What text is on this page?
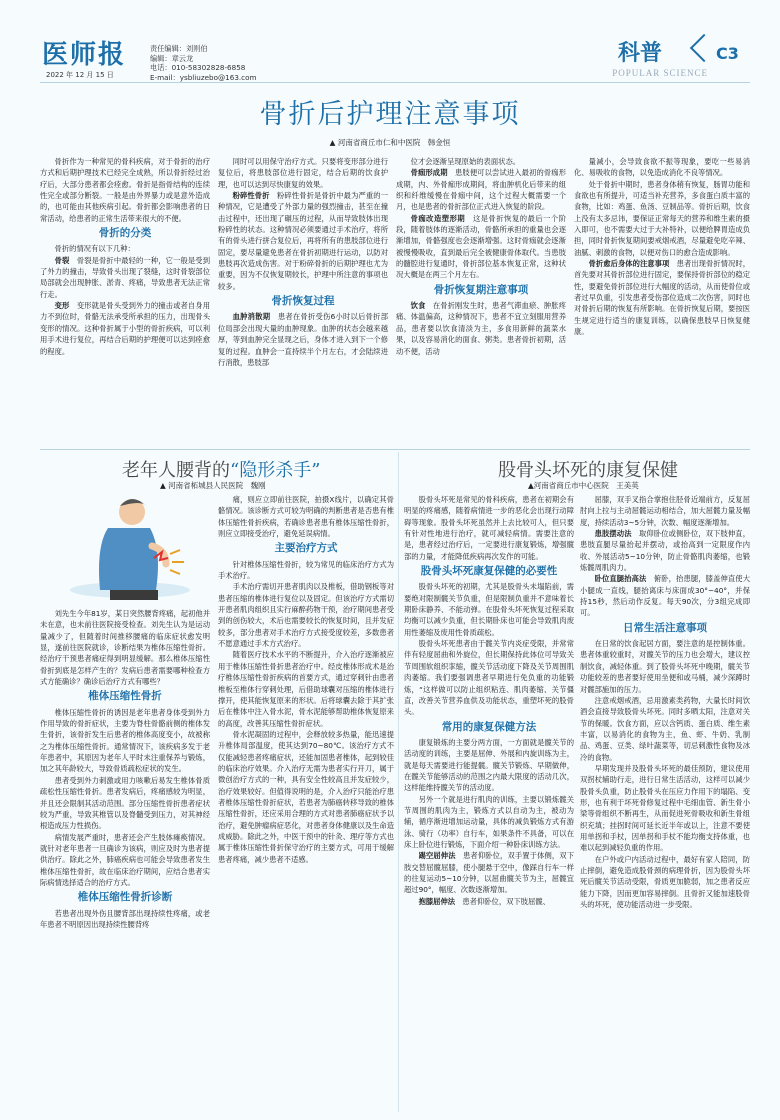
医师报	责任编辑：刘则伯
编辑：章云龙
电话：010-58302828-6858
E-mail：ysbliuzebo@163.com
2022 年 12 月 15 日
科普
POPULAR SCIENCE
C3
骨折后护理注意事项
▲ 河南省商丘市仁和中医院　韩金恒

骨折作为一种常见的骨科疾病，对于骨折的治疗方式和后期护理技术已经完全成熟，所以骨折经过治疗后，大部分患者都会痊愈。骨折是指骨结构的连续性完全或部分断裂。一般是由外界暴力或是意外造成的，也可能由其他疾病引起。骨折都会影响患者的日常活动，给患者的正常生活带来很大的不便。

骨折的分类

骨折的情况有以下几种：

骨裂　骨裂是骨折中最轻的一种，它一般是受到了外力的撞击，导致骨头出现了裂缝，这时骨裂部位局部就会出现肿胀、淤青、疼痛，导致患者无法正常行走。

变形　变形就是骨头受到外力的撞击或者自身用力不到位时，骨骼无法承受所承担的压力，出现骨头变形的情况。这种骨折属于小型的骨折疾病，可以利用手术进行复位，再结合后期的护理便可以达到痊愈的程度。

同时可以用保守治疗方式。只要将变形部分进行复位后，将患肢部位进行固定，结合后期的饮食护理，也可以达到尽快康复的效果。

粉碎性骨折　粉碎性骨折是骨折中最为严重的一种情况，它是遭受了外部力量的强烈撞击，甚至在撞击过程中，还出现了碾压的过程，从而导致肢体出现粉碎性的状态。这种情况必须要通过手术治疗，将所有的骨头进行拼合复位后，再将所有的患肢部位进行固定，要尽量避免患者在骨折初期进行运动，以防对患肢再次造成伤害。对于粉碎骨折的后期护理也尤为重要，因为不仅恢复期较长，护理中所注意的事项也较多。

骨折恢复过程

血肿消散期　患者在骨折受伤6小时以后骨折部位局部会出现大量的血肿现象。血肿的状态会越来越厚，等到血肿完全显现之后，身体才进入到下一个修复的过程。血肿会一直持续半个月左右，才会陆续进行消散，患肢部

位才会逐渐呈现原始的表面状态。

骨痂形成期　患肢便可以尝试进入最初的骨痂形成期，内、外骨痂形成期间，将血肿机化后带来的组织和纤维缓慢在骨痂中间，这个过程大概需要一个月，也是患者的骨折部位正式进入恢复的阶段。

骨痂改造塑形期　这是骨折恢复的最后一个阶段，随着肢体的逐渐活动，骨骼所承担的重量也会逐渐增加，骨骼强度也会逐渐增强。这时骨痂就会逐渐被慢慢吸收，直到最后完全被健康骨体取代。当患肢的髓腔进行复通时，骨折部位基本恢复正常，这种状况大概是在两三个月左右。

骨折恢复期注意事项

饮食　在骨折刚发生时，患者气滞血瘀、肿胀疼痛、体温偏高，这种情况下，患者不宜立刻服用营养品，患者要以饮食清淡为主，多食用新鲜的蔬菜水果，以及容易消化的面食、粥类。患者骨折初期，活动不便，活动

量减小，会导致食欲不振等现象，要吃一些易消化、易吸收的食物，以免造成消化不良等情况。

处于骨折中期时，患者身体稍有恢复，肠胃功能和食欲也有所提升，可适当补充营养，多食蛋白质丰富的食物，比如：鸡蛋、鱼汤、豆制品等。骨折后期，饮食上没有太多忌讳，要保证正常每天的营养和维生素的摄入即可，也不需要大过于大补特补，以便给脾胃造成负担，同时骨折恢复期间要戒烟戒酒，尽量避免吃辛辣、油腻、刺激的食物，以便对伤口的愈合造成影响。

骨折愈后身体的注意事项　患者出现骨折情况时，首先要对其骨折部位进行固定，要保持骨折部位的稳定性，要避免骨折部位进行大幅度的活动，从而使骨位或者过早负重，引发患者受伤部位造成二次伤害，同时也对骨折后期的恢复有所影响。在骨折恢复后期，要按医生规定进行适当的康复训练，以确保患肢早日恢复健康。

老年人腰背的“隐形杀手”
▲ 河南省柘城县人民医院　魏刚
股骨头坏死的康复保健
▲河南省商丘市中心医院　王美英

刘先生今年81岁，某日突然腰背疼痛，起初他并未在意，也未前往医院接受检查。刘先生认为是运动量减少了，但随着时间推移腰痛的临床症状愈发明显，遂前往医院就诊，诊断结果为椎体压缩性骨折。经治疗干预患者痛症得到明显缓解。那么椎体压缩性骨折到底是怎样产生的？发病后患者需要哪种检查方式方能确诊？确诊后治疗方式有哪些？

椎体压缩性骨折

椎体压缩性骨折的诱因是老年患者身体受到外力作用导致的骨折症状，主要为脊柱骨骼前侧的椎体发生骨折，该骨折发生后患者的椎体高度变小，故被称之为椎体压缩性骨折。通常情况下，该疾病多发于老年患者中，其原因为老年人平时未注重保养与锻炼，加之其年龄较大，导致骨质疏松症状的发生。

患者受到外力刺激或用力咳嗽后易发生椎体骨质疏松性压缩性骨折。患者发病后，疼痛感较为明显，并且还会限制其活动范围。部分压缩性骨折患者症状较为严重，导致其椎管以及脊髓受到压力，对其神经根造成压力性损伤。

病情发展严重时，患者还会产生肢体瘫痪情况。就针对老年患者一旦确诊为该病，则应及时为患者提供治疗。除此之外，肺癌疾病也可能会导致患者发生椎体压缩性骨折，故在临床治疗期间，应结合患者实际病情选择适合的治疗方式。

椎体压缩性骨折诊断

若患者出现外伤且腰背部出现持续性疼痛，或老年患者不明原因出现持续性腰背疼

痛，则应立即前往医院，拍摄X线片，以确定其骨骼情况。该诊断方式可较为明确的判断患者是否患有椎体压缩性骨折疾病，若确诊患者患有椎体压缩性骨折，则应立即接受治疗，避免延误病情。

主要治疗方式

针对椎体压缩性骨折，较为常见的临床治疗方式为手术治疗。

手术治疗需切开患者肌肉以及椎板，借助钢板等对患者压缩的椎体进行复位以及固定。但该治疗方式需切开患者肌肉组织且实行麻醉药物干预，治疗期间患者受到的创伤较大，术后也需要较长的恢复时间，且并发症较多，部分患者对手术治疗方式接受度较差，多数患者不愿意通过手术方式治疗。

随着医疗技术水平的不断提升，介入治疗逐渐被应用于椎体压缩性骨折患者治疗中。经皮椎体形成术是治疗椎体压缩性骨折疾病的首要方式，通过穿刺针由患者椎板至椎体行穿刺处理，后借助球囊对压缩的椎体进行撑开，使其能恢复原来的形状。后将球囊去除于其扩张后在椎体中注入骨水泥，骨水泥能够帮助椎体恢复原来的高度，改善其压缩性骨折症状。

骨水泥凝固的过程中，会释放较多热量，能迅速提升椎体局部温度，使其达到70~80℃。该治疗方式不仅能减轻患者疼痛症状，还能加固患者椎体，起到较佳的临床治疗效果。介入治疗无需为患者实行开刀，属于微创治疗方式的一种，具有安全性较高且并发症较少，治疗效果较好。但值得说明的是，介入治疗只能治疗患者椎体压缩性骨折症状，若患者为肺癌转移导致的椎体压缩性骨折，还应采用合理的方式对患者肺癌症状予以治疗，避免肿瘤病症恶化，对患者身体健康以及生命造成威胁。除此之外，中医干预中的针灸、理疗等方式也属于椎体压缩性骨折保守治疗的主要方式，可用于缓解患者疼痛，减少患者不适感。

股骨头坏死是常见的骨科疾病，患者在初期会有明显的疼痛感，随着病情进一步的恶化会出现行动障碍等现象。股骨头坏死虽然并上去比较可人，但只要有针对性地进行治疗，就可减轻病情。需要注意的是，患者经过治疗后，一定要进行康复锻炼，增强髋部的力量，才能降低疾病再次发作的可能。

股骨头坏死康复保健的必要性

股骨头坏死的初期，尤其是股骨头未塌陷前，需要绝对限制髋关节负重，但是限制负重并不意味着长期卧床静养、不能动弹。在股骨头坏死恢复过程采取均衡可以减少负重，但长期卧床也可能会导致肌肉废用性萎缩及废用性骨质疏松。

股骨头坏死患者由于髋关节内炎症受限，并常常伴有轻度屈曲和外旋位，但长期保持此体位可导致关节周围软组织挛缩，髋关节活动度下降及关节周围肌肉萎缩。我们要强调患者早期进行免负重的功能锻炼，“这样做可以防止组织粘连、肌肉萎缩、关节僵直，改善关节营养血供及功能状态，重塑坏死的股骨头。

常用的康复保健方法

康复锻炼的主要分两方面，一方面就是髋关节的活动度的训练，主要是屈伸、外展和内旋训练为主，就是每天需要进行能提髋。髋关节锻炼、早期做伸，在髋关节能够活动的范围之内最大限度的活动几次，这样能维持髋关节的活动度。

另外一个就是进行肌肉的训练，主要以锻炼髋关节周围的肌肉为主，锻炼方式以自动为主，被动为辅，循序渐进增加运动量，具体的减负锻炼方式有游泳、骑行（功率）自行车，如果条件不具备，可以在床上卧位进行锻炼，下面介绍一种卧床训练方法。

踢空屈伸法　患者仰卧位，双手置于体侧，双下肢交替屈髋屈膝，使小腿悬于空中，像踩自行车一样的往复运动5~10分钟，以屈曲髋关节为主，屈髋宜超过90°，幅度、次数逐渐增加。

抱膝屈伸法　患者仰卧位，双下肢屈髋、

屈膝，双手叉指合掌抱住胫骨近端前方，反复屈肘向上拉与主动屈髋运动相结合，加大屈髋力量及幅度，持续活动3~5分钟，次数、幅度逐渐增加。

患肢摆动法　取仰卧位或侧卧位，双下肢伸直，患肢直腿尽量抬起并摆动，或抬高到一定限度作内收、外展活动5~10分钟，防止骨骼肌肉萎缩，也锻炼髋周肌肉力。

卧位直腿抬高法　俯卧，抬患腿，膝盖伸直使大小腿成一直线，腿抬离床与床面成30°~40°，并保持15秒，然后动作反复。每天90次，分3组完成即可。

日常生活注意事项

在日常的饮食起居方面，要注意的是控制体重。患者体重较重时，对髋关节的压力也会增大，建议控制饮食，减轻体重。到了股骨头坏死中晚期，髋关节功能较差的患者要好使用坐便和或马桶，减少深蹲时对髋部施加的压力。

注意戒烟戒酒，忌用激素类药物，大量长时间饮酒会直接导致股骨头坏死。同时多晒太阳，注意对关节的保暖。饮食方面，应以含钙质、蛋白质、维生素丰富，以易消化的食物为主，鱼、虾、牛奶、乳制品、鸡蛋、豆类、绿叶蔬菜等，切忌刺激性食物及冰冷的食物。

早期发现并及股骨头坏死的最佳预防，建议使用双拐杖辅助行走，进行日常生活活动，这样可以减少股骨头负重，防止股骨头在压应力作用下的塌陷、变形，也有利于坏死骨修复过程中毛细血管、新生骨小梁等骨组织不断再生，从而促进死骨吸收和新生骨组织充填；挂拐时间可延长近半年或以上，注意不要使用单拐和手杖，因单拐和手杖不能均衡支持体重，也难以起到减轻负重的作用。

在户外或户内活动过程中，最好有家人陪同，防止摔倒，避免造成股骨颈的病理骨折，因为股骨头坏死后髋关节活动受限，骨质更加脆弱，加之患者反应能力下降，因而更加容易摔倒。且骨折又能加速股骨头的坏死，使功能活动进一步受限。
